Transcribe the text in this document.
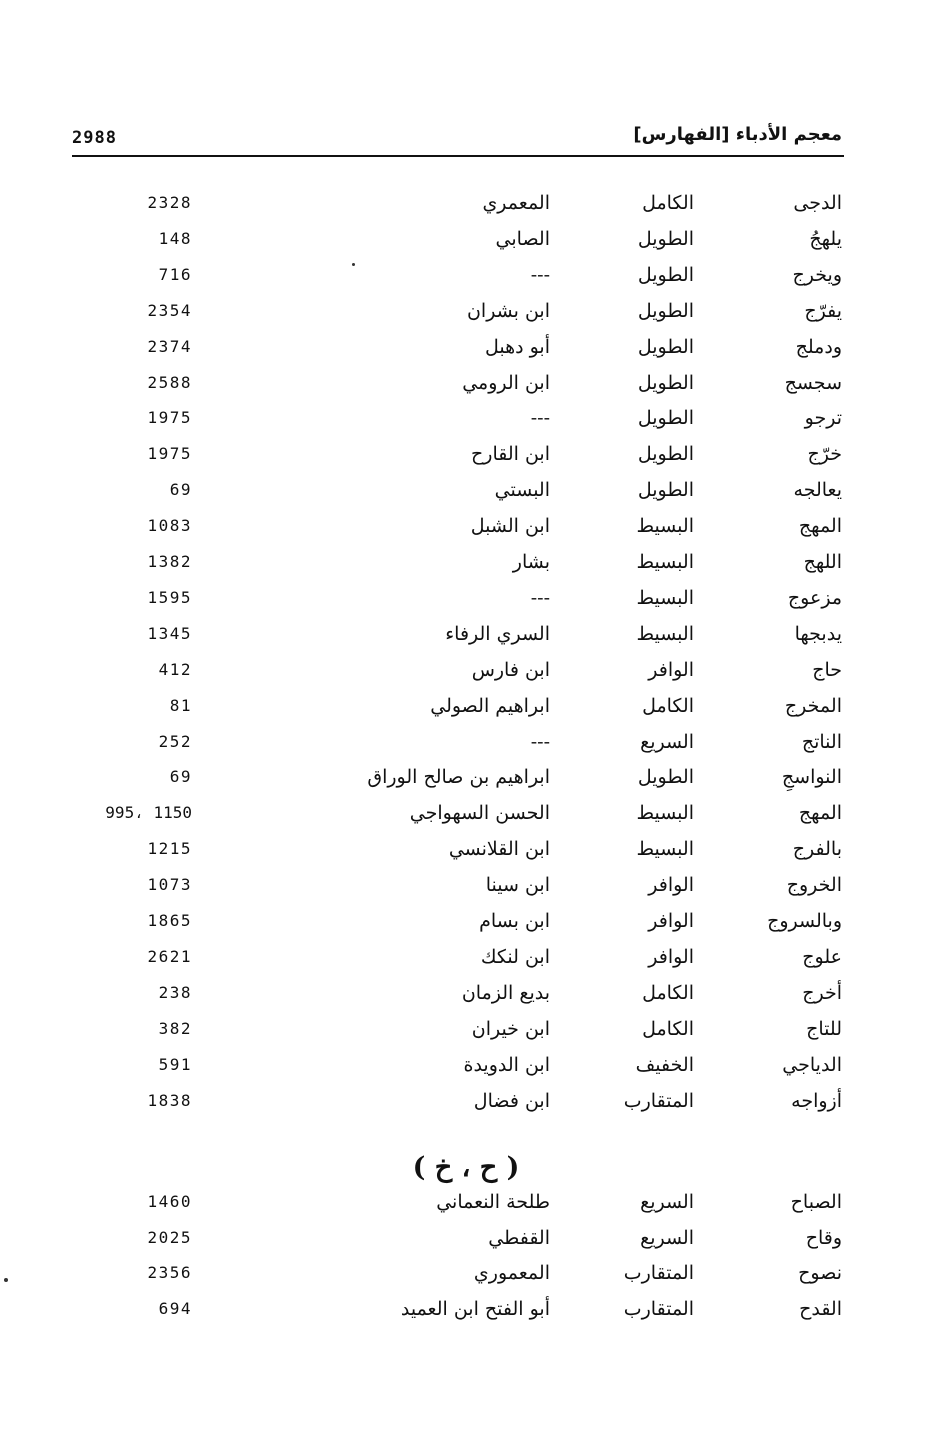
2988	معجم الأدباء [الفهارس]
الدجى
الكامل
المعمري
2328
يلهجُ
الطويل
الصابي
148
ويخرج
الطويل
---
716
يفرّج
الطويل
ابن بشران
2354
ودملج
الطويل
أبو دهبل
2374
سجسج
الطويل
ابن الرومي
2588
ترجو
الطويل
---
1975
خرّج
الطويل
ابن القارح
1975
يعالجه
الطويل
البستي
69
المهج
البسيط
ابن الشبل
1083
اللهج
البسيط
بشار
1382
مزعوج
البسيط
---
1595
يدبجها
البسيط
السري الرفاء
1345
حاج
الوافر
ابن فارس
412
المخرج
الكامل
ابراهيم الصولي
81
الناتج
السريع
---
252
النواسجِ
الطويل
ابراهيم بن صالح الوراق
69
المهج
البسيط
الحسن السهواجي
995، 1150
بالفرج
البسيط
ابن القلانسي
1215
الخروج
الوافر
ابن سينا
1073
وبالسروج
الوافر
ابن بسام
1865
علوج
الوافر
ابن لنكك
2621
أخرج
الكامل
بديع الزمان
238
للتاج
الكامل
ابن خيران
382
الدياجي
الخفيف
ابن الدويدة
591
أزواجه
المتقارب
ابن فضال
1838
( ح ، خ )
الصباح
السريع
طلحة النعماني
1460
وقاح
السريع
القفطي
2025
نصوح
المتقارب
المعموري
2356
القدح
المتقارب
أبو الفتح ابن العميد
694
